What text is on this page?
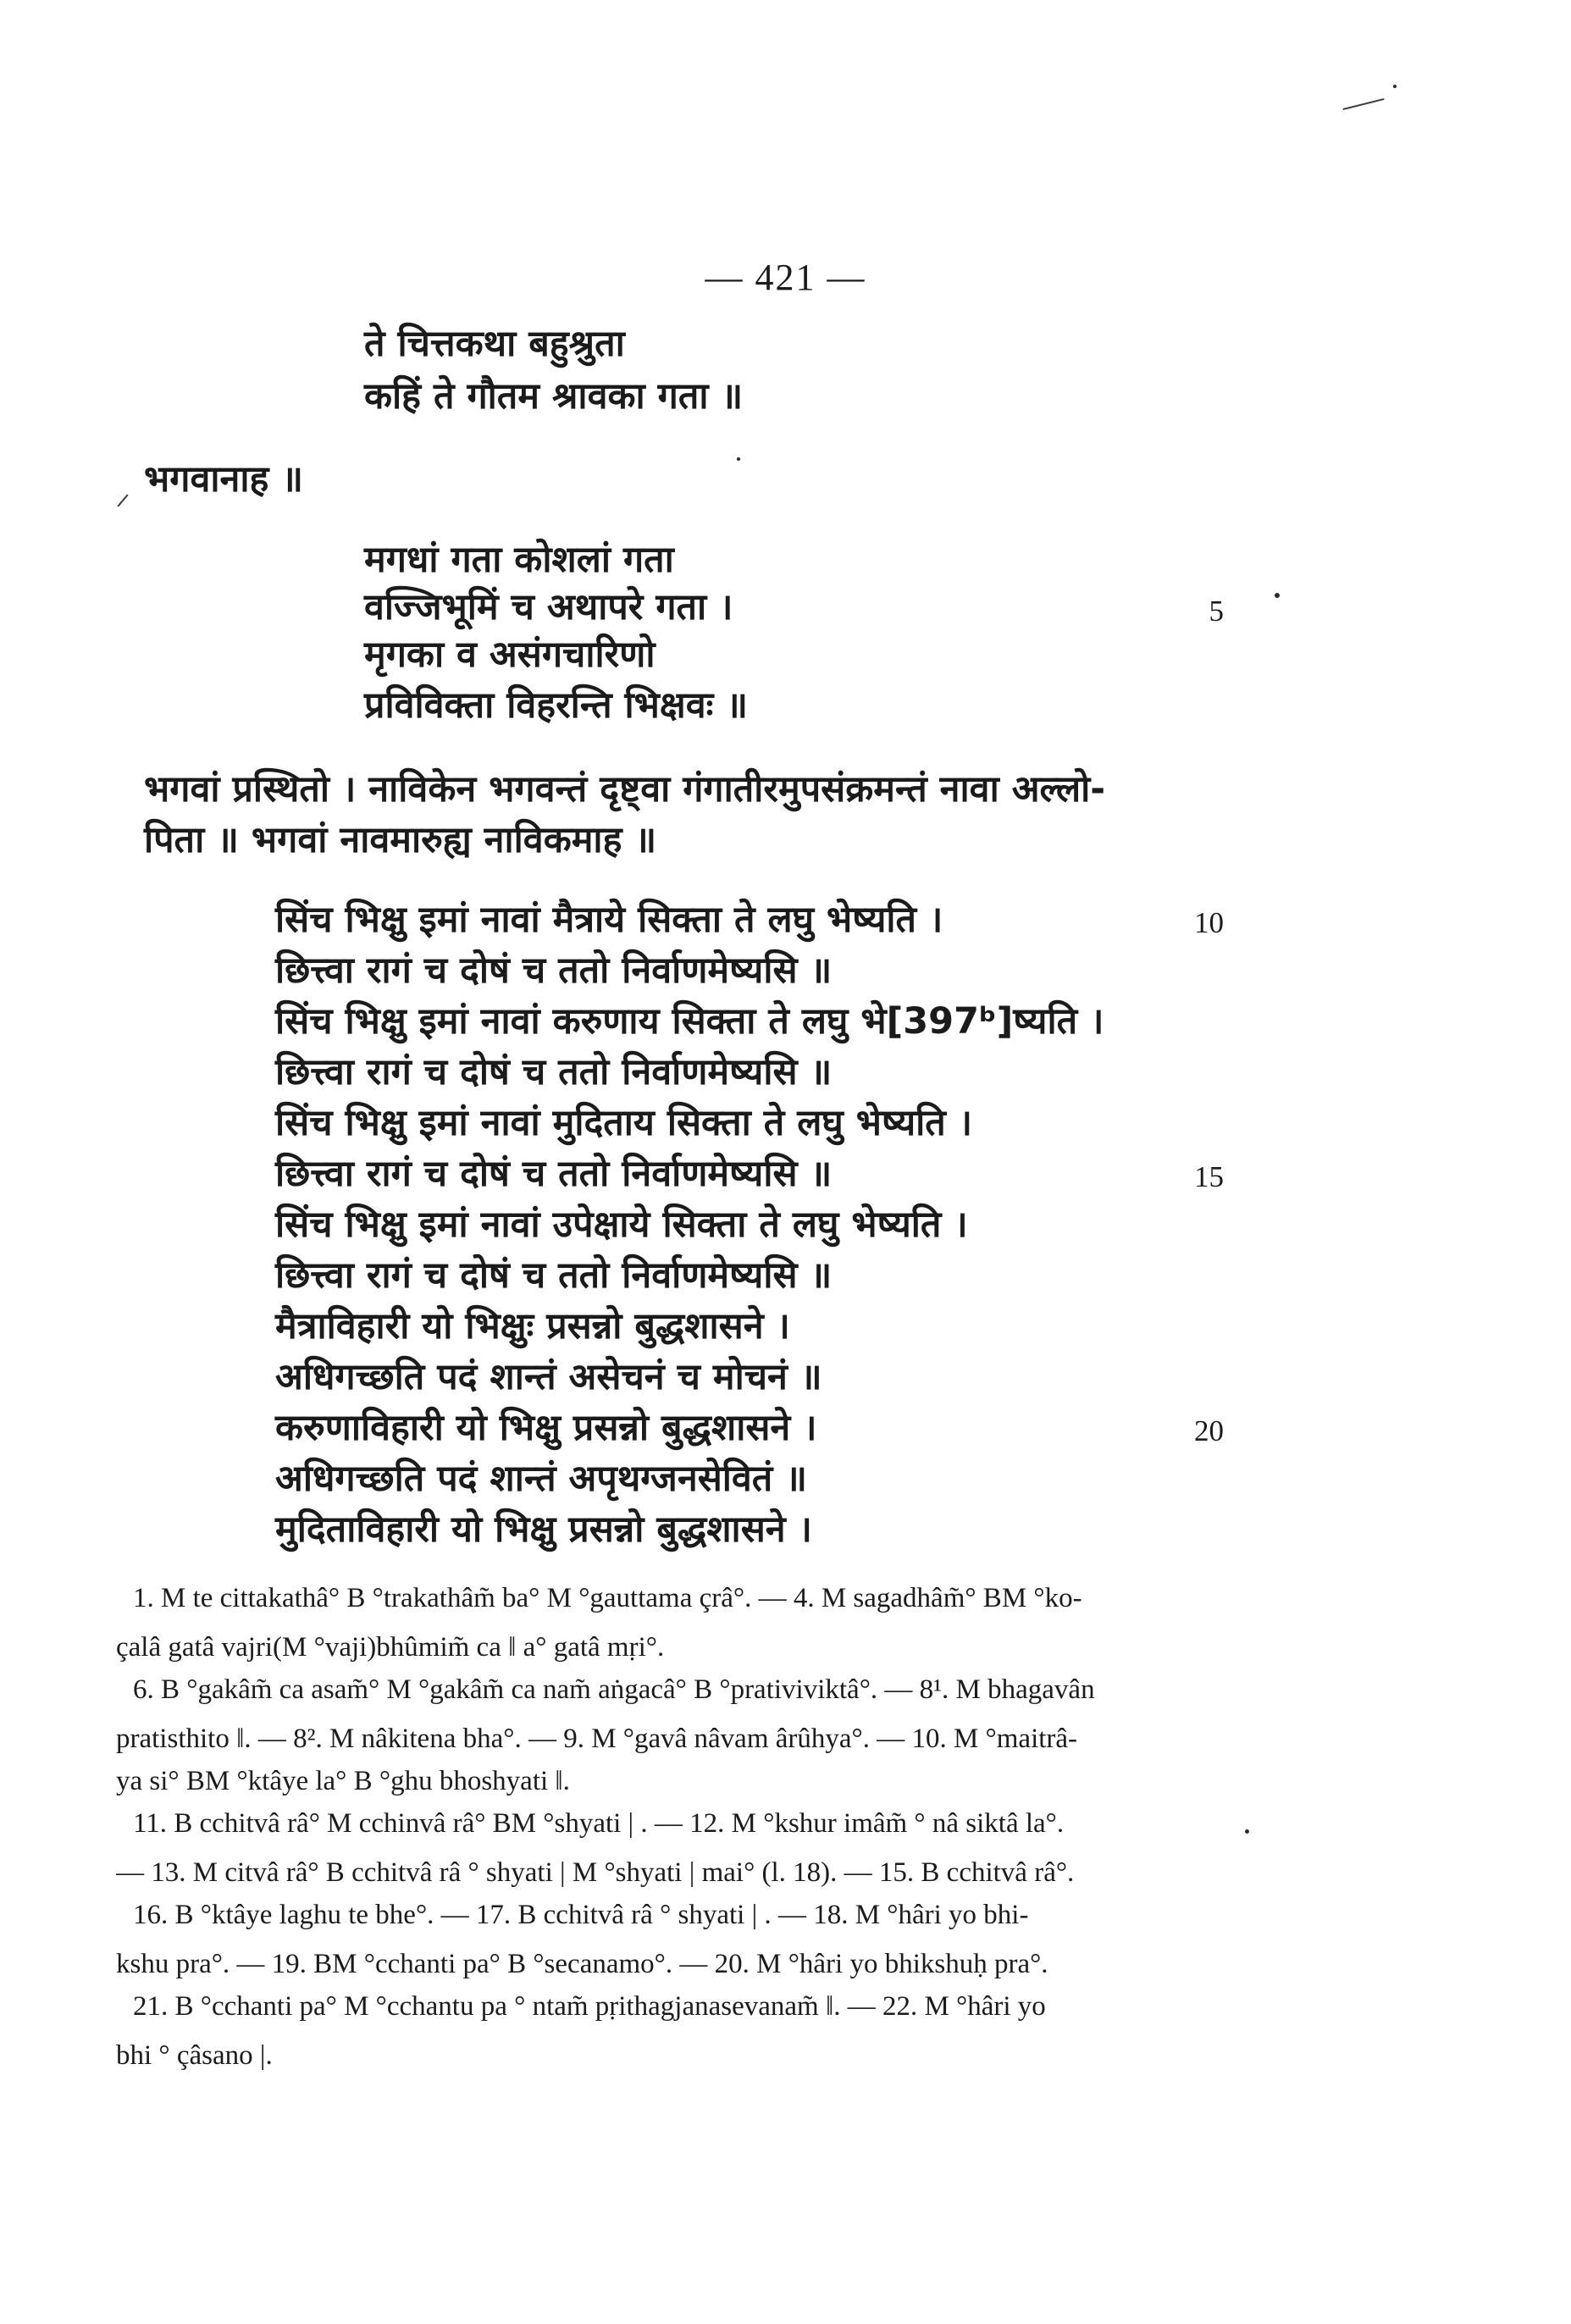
— 421 —
ते चित्तकथा बहुश्रुता
कहिं ते गौतम श्रावका गता ॥
भगवानाह ॥
मगधां गता कोशलां गता
वज्जिभूमिं च अथापरे गता ।
मृगका व असंगचारिणो
प्रविविक्ता विहरन्ति भिक्षवः ॥
5
भगवां प्रस्थितो । नाविकेन भगवन्तं दृष्ट्वा गंगातीरमुपसंक्रमन्तं नावा अल्लो-
पिता ॥ भगवां नावमारुह्य नाविकमाह ॥
सिंच भिक्षु इमां नावां मैत्राये सिक्ता ते लघु भेष्यति ।
छित्त्वा रागं च दोषं च ततो निर्वाणमेष्यसि ॥
सिंच भिक्षु इमां नावां करुणाय सिक्ता ते लघु भे[397ᵇ]ष्यति ।
छित्त्वा रागं च दोषं च ततो निर्वाणमेष्यसि ॥
सिंच भिक्षु इमां नावां मुदिताय सिक्ता ते लघु भेष्यति ।
छित्त्वा रागं च दोषं च ततो निर्वाणमेष्यसि ॥
सिंच भिक्षु इमां नावां उपेक्षाये सिक्ता ते लघु भेष्यति ।
छित्त्वा रागं च दोषं च ततो निर्वाणमेष्यसि ॥
मैत्राविहारी यो भिक्षुः प्रसन्नो बुद्धशासने ।
अधिगच्छति पदं शान्तं असेचनं च मोचनं ॥
करुणाविहारी यो भिक्षु प्रसन्नो बुद्धशासने ।
अधिगच्छति पदं शान्तं अपृथग्जनसेवितं ॥
मुदिताविहारी यो भिक्षु प्रसन्नो बुद्धशासने ।
10
15
20

1. M te cittakathâ° B °trakathâm̃ ba° M °gauttama çrâ°. — 4. M sagadhâm̃° BM °ko-

çalâ gatâ vajri(M °vaji)bhûmim̃ ca ‖ a° gatâ mṛi°.

6. B °gakâm̃ ca asam̃° M °gakâm̃ ca nam̃ aṅgacâ° B °prativiviktâ°. — 8¹. M bhagavân

pratisthito ‖. — 8². M nâkitena bha°. — 9. M °gavâ nâvam ârûhya°. — 10. M °maitrâ-

ya si° BM °ktâye la° B °ghu bhoshyati ‖.

11. B cchitvâ râ° M cchinvâ râ° BM °shyati | . — 12. M °kshur imâm̃ ° nâ siktâ la°.

— 13. M citvâ râ° B cchitvâ râ ° shyati | M °shyati | mai° (l. 18). — 15. B cchitvâ râ°.

16. B °ktâye laghu te bhe°. — 17. B cchitvâ râ ° shyati | . — 18. M °hâri yo bhi-

kshu pra°. — 19. BM °cchanti pa° B °secanamo°. — 20. M °hâri yo bhikshuḥ pra°.

21. B °cchanti pa° M °cchantu pa ° ntam̃ pṛithagjanasevanam̃ ‖. — 22. M °hâri yo

bhi ° çâsano |.
